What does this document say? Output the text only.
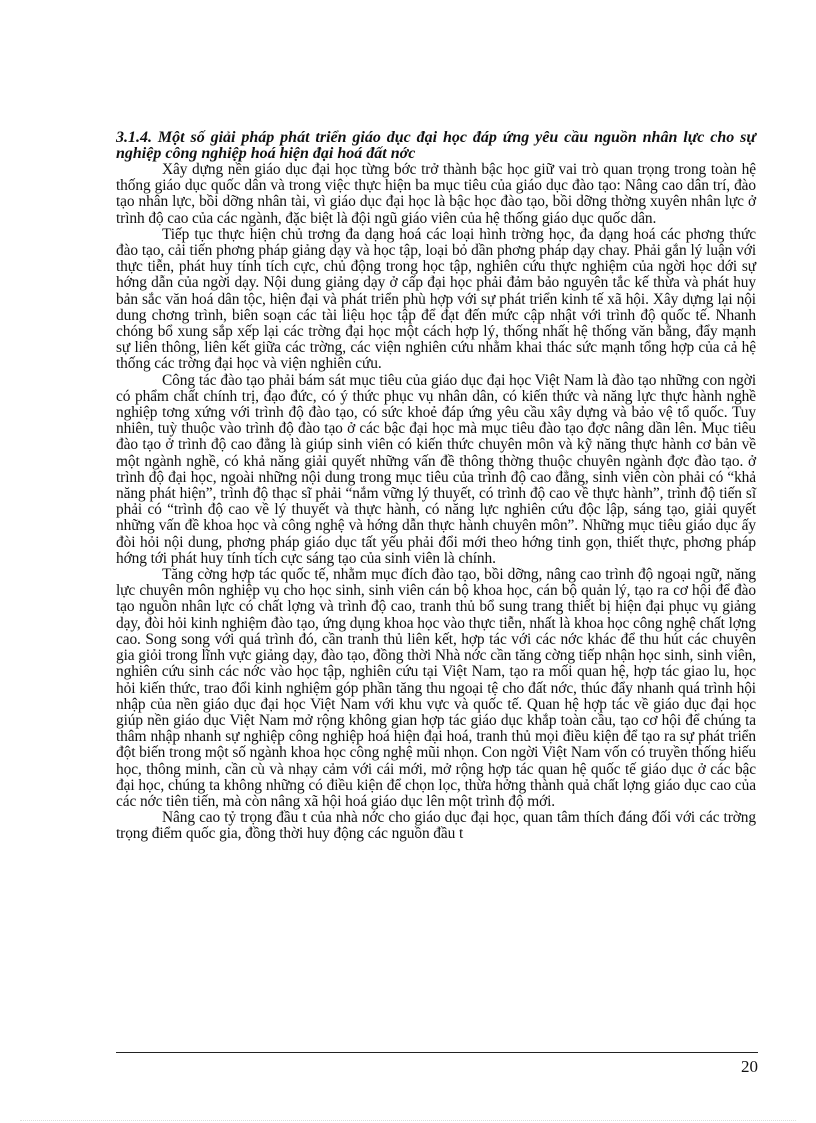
3.1.4. Một số giải pháp phát triển giáo dục đại học đáp ứng yêu cầu nguồn nhân lực cho sự nghiệp công nghiệp hoá hiện đại hoá đất nớc

Xây dựng nền giáo dục đại học từng bớc trở thành bậc học giữ vai trò quan trọng trong toàn hệ thống giáo dục quốc dân và trong việc thực hiện ba mục tiêu của giáo dục đào tạo: Nâng cao dân trí, đào tạo nhân lực, bồi dỡng nhân tài, vì giáo dục đại học là bậc học đào tạo, bồi dỡng thờng xuyên nhân lực ở trình độ cao của các ngành, đặc biệt là đội ngũ giáo viên của hệ thống giáo dục quốc dân.

Tiếp tục thực hiện chủ trơng đa dạng hoá các loại hình trờng học, đa dạng hoá các phơng thức đào tạo, cải tiến phơng pháp giảng dạy và học tập, loại bỏ dần phơng pháp dạy chay. Phải gắn lý luận với thực tiễn, phát huy tính tích cực, chủ động trong học tập, nghiên cứu thực nghiệm của ngời học dới sự hớng dẫn của ngời dạy. Nội dung giảng dạy ở cấp đại học phải đảm bảo nguyên tắc kế thừa và phát huy bản sắc văn hoá dân tộc, hiện đại và phát triển phù hợp với sự phát triển kinh tế xã hội. Xây dựng lại nội dung chơng trình, biên soạn các tài liệu học tập để đạt đến mức cập nhật với trình độ quốc tế. Nhanh chóng bổ xung sắp xếp lại các trờng đại học một cách hợp lý, thống nhất hệ thống văn bằng, đẩy mạnh sự liên thông, liên kết giữa các trờng, các viện nghiên cứu nhằm khai thác sức mạnh tổng hợp của cả hệ thống các trờng đại học và viện nghiên cứu.

Công tác đào tạo phải bám sát mục tiêu của giáo dục đại học Việt Nam là đào tạo những con ngời có phẩm chất chính trị, đạo đức, có ý thức phục vụ nhân dân, có kiến thức và năng lực thực hành nghề nghiệp tơng xứng với trình độ đào tạo, có sức khoẻ đáp ứng yêu cầu xây dựng và bảo vệ tổ quốc. Tuy nhiên, tuỳ thuộc vào trình độ đào tạo ở các bậc đại học mà mục tiêu đào tạo đợc nâng dần lên. Mục tiêu đào tạo ở trình độ cao đẳng là giúp sinh viên có kiến thức chuyên môn và kỹ năng thực hành cơ bản về một ngành nghề, có khả năng giải quyết những vấn đề thông thờng thuộc chuyên ngành đợc đào tạo. ở trình độ đại học, ngoài những nội dung trong mục tiêu của trình độ cao đẳng, sinh viên còn phải có “khả năng phát hiện”, trình độ thạc sĩ phải “nắm vững lý thuyết, có trình độ cao về thực hành”, trình độ tiến sĩ phải có “trình độ cao về lý thuyết và thực hành, có năng lực nghiên cứu độc lập, sáng tạo, giải quyết những vấn đề khoa học và công nghệ và hớng dẫn thực hành chuyên môn”. Những mục tiêu giáo dục ấy đòi hỏi nội dung, phơng pháp giáo dục tất yếu phải đổi mới theo hớng tinh gọn, thiết thực, phơng pháp hớng tới phát huy tính tích cực sáng tạo của sinh viên là chính.

Tăng cờng hợp tác quốc tế, nhằm mục đích đào tạo, bồi dỡng, nâng cao trình độ ngoại ngữ, năng lực chuyên môn nghiệp vụ cho học sinh, sinh viên cán bộ khoa học, cán bộ quản lý, tạo ra cơ hội để đào tạo nguồn nhân lực có chất lợng và trình độ cao, tranh thủ bổ sung trang thiết bị hiện đại phục vụ giảng dạy, đòi hỏi kinh nghiệm đào tạo, ứng dụng khoa học vào thực tiễn, nhất là khoa học công nghệ chất lợng cao. Song song với quá trình đó, cần tranh thủ liên kết, hợp tác với các nớc khác để thu hút các chuyên gia giỏi trong lĩnh vực giảng dạy, đào tạo, đồng thời Nhà nớc cần tăng cờng tiếp nhận học sinh, sinh viên, nghiên cứu sinh các nớc vào học tập, nghiên cứu tại Việt Nam, tạo ra mối quan hệ, hợp tác giao lu, học hỏi kiến thức, trao đổi kinh nghiệm góp phần tăng thu ngoại tệ cho đất nớc, thúc đẩy nhanh quá trình hội nhập của nền giáo dục đại học Việt Nam với khu vực và quốc tế. Quan hệ hợp tác về giáo dục đại học giúp nền giáo dục Việt Nam mở rộng không gian hợp tác giáo dục khắp toàn cầu, tạo cơ hội để chúng ta thâm nhập nhanh sự nghiệp công nghiệp hoá hiện đại hoá, tranh thủ mọi điều kiện để tạo ra sự phát triển đột biến trong một số ngành khoa học công nghệ mũi nhọn. Con ngời Việt Nam vốn có truyền thống hiếu học, thông minh, cần cù và nhạy cảm với cái mới, mở rộng hợp tác quan hệ quốc tế giáo dục ở các bậc đại học, chúng ta không những có điều kiện để chọn lọc, thừa hởng thành quả chất lợng giáo dục cao của các nớc tiên tiến, mà còn nâng xã hội hoá giáo dục lên một trình độ mới.

Nâng cao tỷ trọng đầu t của nhà nớc cho giáo dục đại học, quan tâm thích đáng đối với các trờng trọng điểm quốc gia, đồng thời huy động các nguồn đầu t

20
